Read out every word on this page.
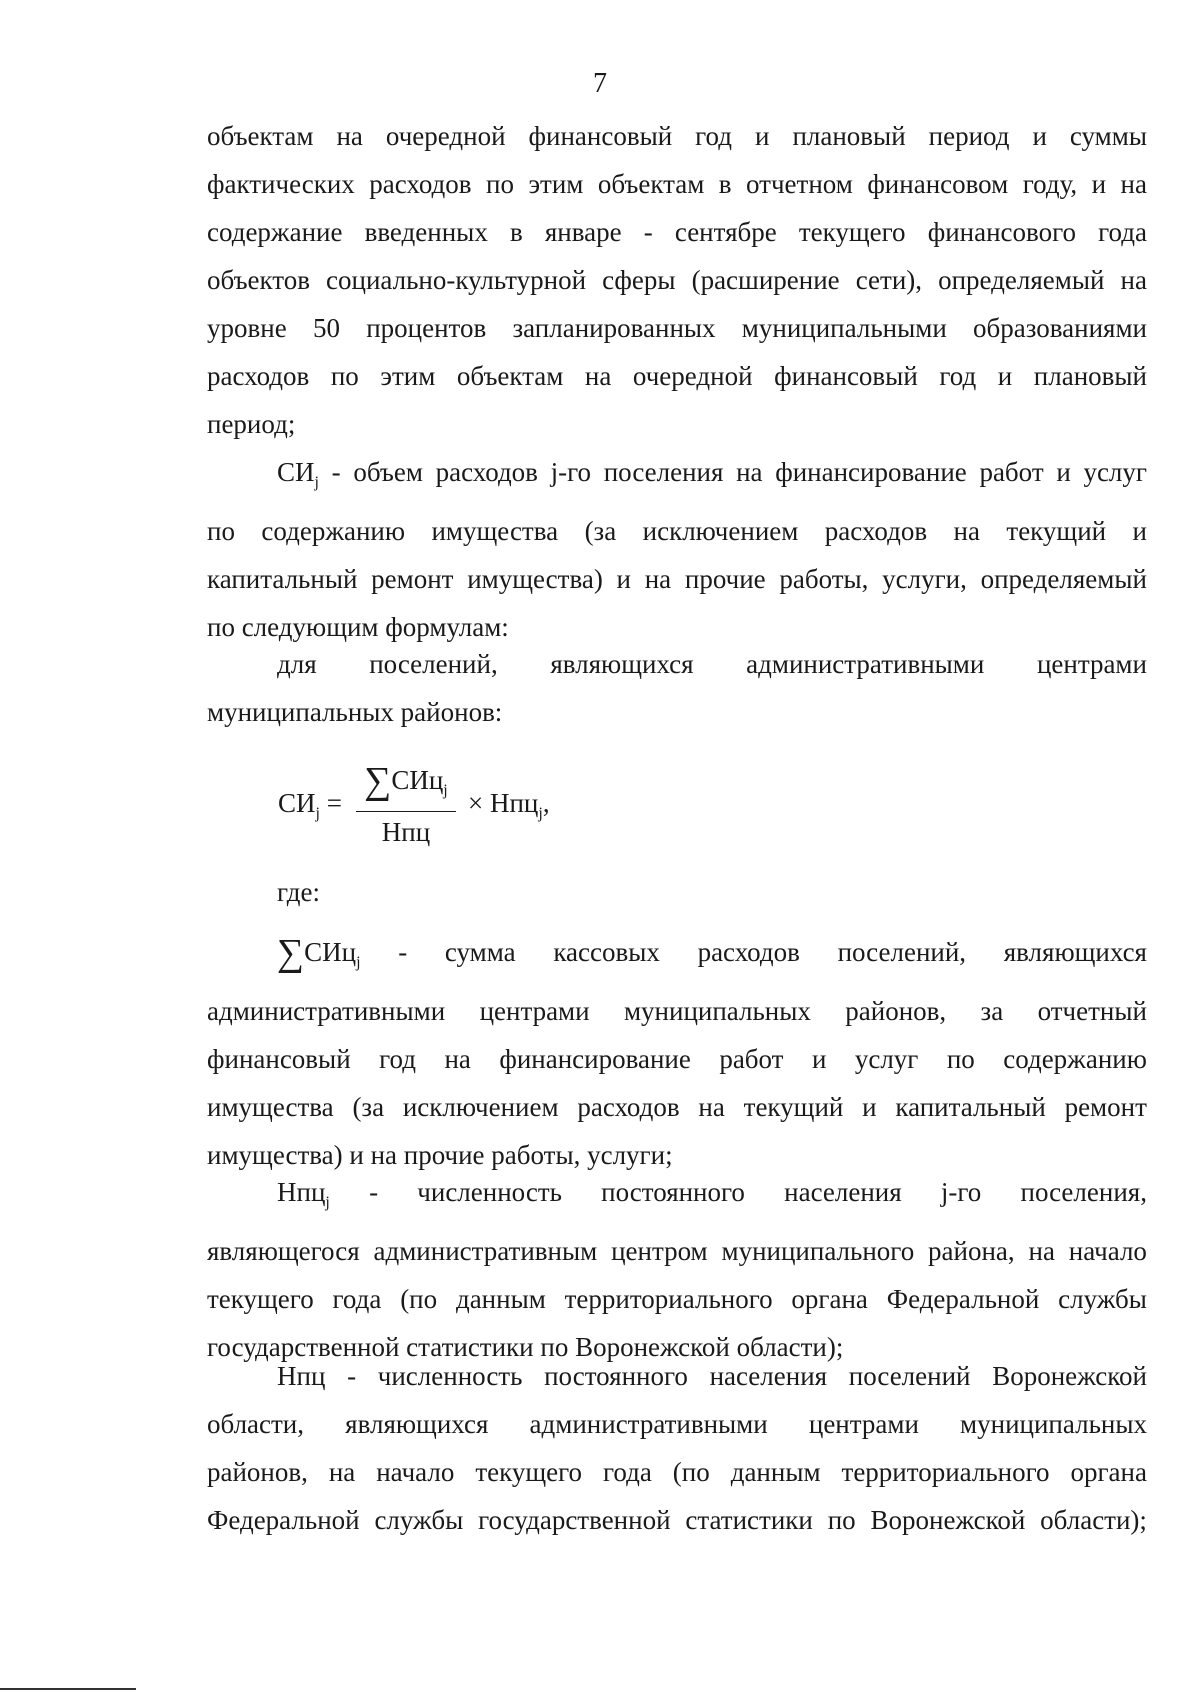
7
объектам на очередной финансовый год и плановый период и суммы
фактических расходов по этим объектам в отчетном финансовом году, и на
содержание введенных в январе - сентябре текущего финансового года
объектов социально-культурной сферы (расширение сети), определяемый на
уровне 50 процентов запланированных муниципальными образованиями
расходов по этим объектам на очередной финансовый год и плановый
период;
$СИ_j$ - объем расходов j-го поселения на финансирование работ и услуг
по содержанию имущества (за исключением расходов на текущий и
капитальный ремонт имущества) и на прочие работы, услуги, определяемый
по следующим формулам:
для поселений, являющихся административными центрами
муниципальных районов:
$СИ_j$ =
∑СИц$_j$
Нпц
× Нпц$_j$,
где:
∑СИц$_j$ - сумма кассовых расходов поселений, являющихся
административными центрами муниципальных районов, за отчетный
финансовый год на финансирование работ и услуг по содержанию
имущества (за исключением расходов на текущий и капитальный ремонт
имущества) и на прочие работы, услуги;
Нпц$_j$ - численность постоянного населения j-го поселения,
являющегося административным центром муниципального района, на начало
текущего года (по данным территориального органа Федеральной службы
государственной статистики по Воронежской области);
Нпц - численность постоянного населения поселений Воронежской
области, являющихся административными центрами муниципальных
районов, на начало текущего года (по данным территориального органа
Федеральной службы государственной статистики по Воронежской области);
